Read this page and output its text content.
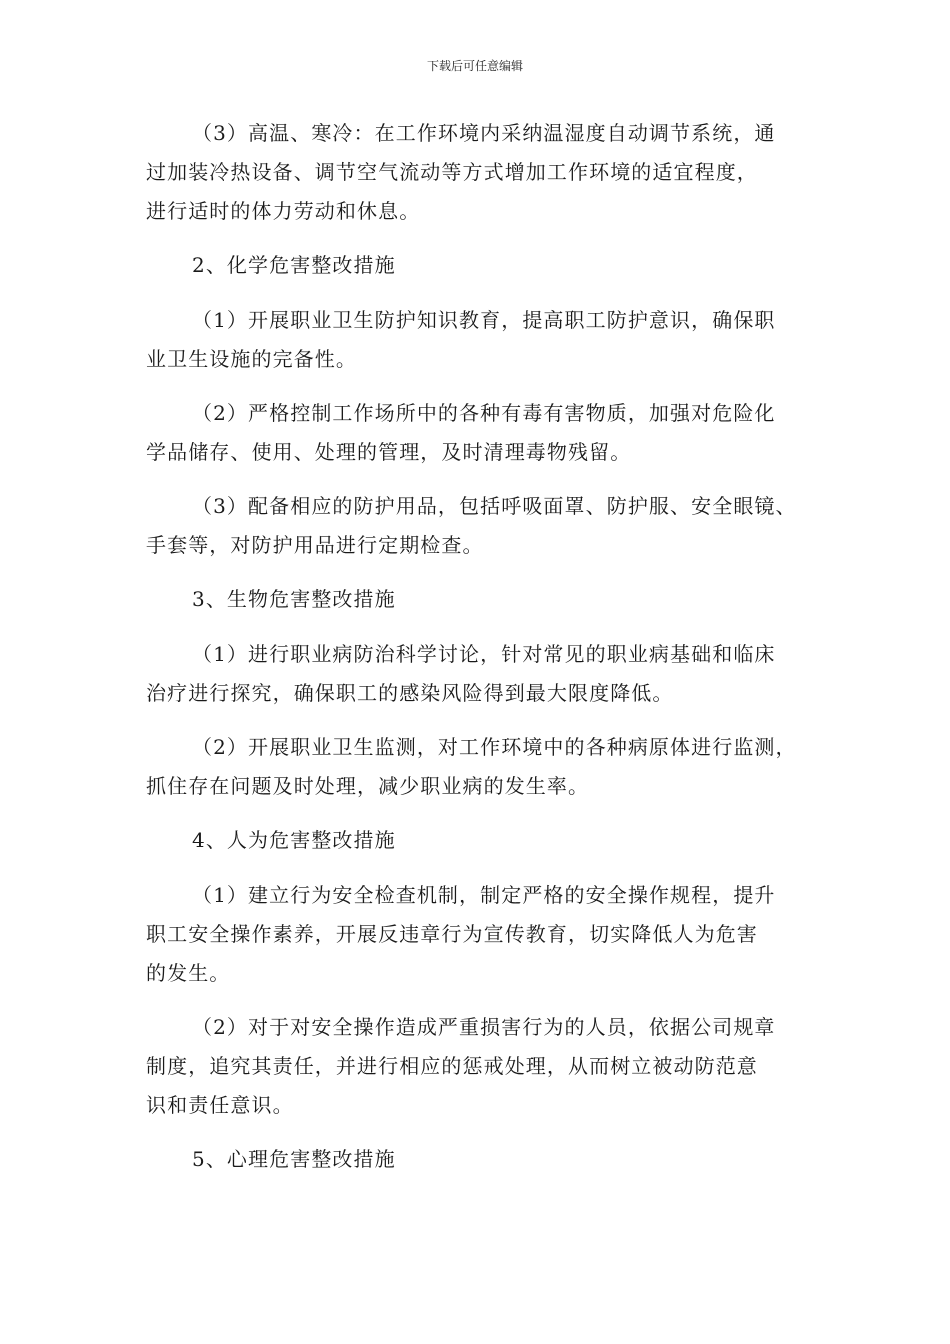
下载后可任意编辑

（3）高温、寒冷：在工作环境内采纳温湿度自动调节系统，通
过加装冷热设备、调节空气流动等方式增加工作环境的适宜程度，
进行适时的体力劳动和休息。

2、化学危害整改措施

（1）开展职业卫生防护知识教育，提高职工防护意识，确保职
业卫生设施的完备性。

（2）严格控制工作场所中的各种有毒有害物质，加强对危险化
学品储存、使用、处理的管理，及时清理毒物残留。

（3）配备相应的防护用品，包括呼吸面罩、防护服、安全眼镜、
手套等，对防护用品进行定期检查。

3、生物危害整改措施

（1）进行职业病防治科学讨论，针对常见的职业病基础和临床
治疗进行探究，确保职工的感染风险得到最大限度降低。

（2）开展职业卫生监测，对工作环境中的各种病原体进行监测，
抓住存在问题及时处理，减少职业病的发生率。

4、人为危害整改措施

（1）建立行为安全检查机制，制定严格的安全操作规程，提升
职工安全操作素养，开展反违章行为宣传教育，切实降低人为危害
的发生。

（2）对于对安全操作造成严重损害行为的人员，依据公司规章
制度，追究其责任，并进行相应的惩戒处理，从而树立被动防范意
识和责任意识。

5、心理危害整改措施
